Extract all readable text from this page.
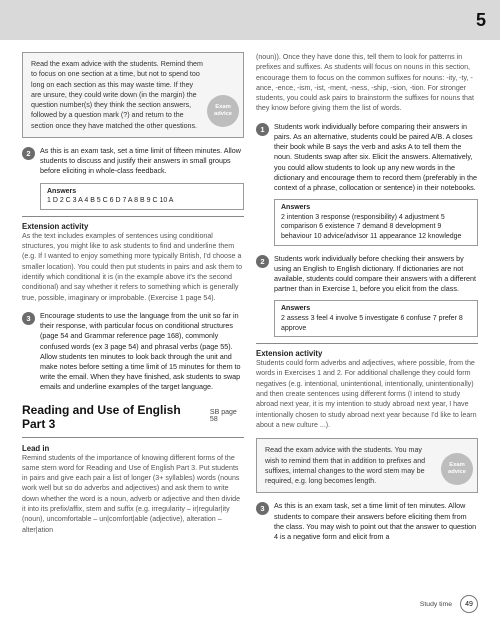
5
Read the exam advice with the students. Remind them to focus on one section at a time, but not to spend too long on each section as this may waste time. If they are unsure, they could write down (in the margin) the question number(s) they think the section answers, followed by a question mark (?) and return to the section once they have matched the other questions.
Exam
advice
2	As this is an exam task, set a time limit of fifteen minutes. Allow students to discuss and justify their answers in small groups before eliciting in whole-class feedback.
Answers
1 D 2 C 3 A 4 B 5 C 6 D 7 A 8 B 9 C 10 A
Extension activity
As the text includes examples of sentences using conditional structures, you might like to ask students to find and underline them (e.g. If I wanted to enjoy something more typically British, I'd choose a smaller location). You could then put students in pairs and ask them to identify which conditional it is (in the example above it's the second conditional) and say whether it refers to something which is generally true, possible, imaginary or improbable. (Exercise 1 page 54).
3	Encourage students to use the language from the unit so far in their response, with particular focus on conditional structures (page 54 and Grammar reference page 168), commonly confused words (ex 3 page 54) and phrasal verbs (page 55). Allow students ten minutes to look back through the unit and make notes before setting a time limit of 15 minutes for them to write the email. When they have finished, ask students to swap emails and underline examples of the target language.
Reading and Use of English Part 3
SB page 58
Lead in
Remind students of the importance of knowing different forms of the same stem word for Reading and Use of English Part 3. Put students in pairs and give each pair a list of longer (3+ syllables) words (nouns work well but so do adverbs and adjectives) and ask them to write down whether the word is a noun, adverb or adjective and then divide it into its prefix/affix, stem and suffix (e.g. irregularity – ir|regular|ity (noun), uncomfortable – un|comfort|able (adjective), alteration – alter|ation
(noun)). Once they have done this, tell them to look for patterns in prefixes and suffixes. As students will focus on nouns in this section, encourage them to focus on the common suffixes for nouns: -ity, -ty, -ance, -ence, -ism, -ist, -ment, -ness, -ship, -sion, -tion. For stronger students, you could ask pairs to brainstorm the suffixes for nouns that they know before giving them the list of words.
1	Students work individually before comparing their answers in pairs. As an alternative, students could be paired A/B. A closes their book while B says the verb and asks A to tell them the noun. Students swap after six. Elicit the answers. Alternatively, you could allow students to look up any new words in the dictionary and encourage them to record them (preferably in the context of a phrase, collocation or sentence) in their notebooks.
Answers
2 intention 3 response (responsibility) 4 adjustment 5 comparison 6 existence 7 demand 8 development 9 behaviour 10 advice/advisor 11 appearance 12 knowledge
2	Students work individually before checking their answers by using an English to English dictionary. If dictionaries are not available, students could compare their answers with a different partner than in Exercise 1, before you elicit from the class.
Answers
2 assess 3 feel 4 involve 5 investigate 6 confuse 7 prefer 8 approve
Extension activity
Students could form adverbs and adjectives, where possible, from the words in Exercises 1 and 2. For additional challenge they could form negatives (e.g. intentional, unintentional, intentionally, unintentionally) and then create sentences using different forms (I intend to study abroad next year, it is my intention to study abroad next year, I have intentionally chosen to study abroad next year because I'd like to learn about a new culture ...).
Read the exam advice with the students. You may wish to remind them that in addition to prefixes and suffixes, internal changes to the word stem may be required, e.g. long becomes length.
Exam
advice
3	As this is an exam task, set a time limit of ten minutes. Allow students to compare their answers before eliciting them from the class. You may wish to point out that the answer to question 4 is a negative form and elicit from a
Study time	49
